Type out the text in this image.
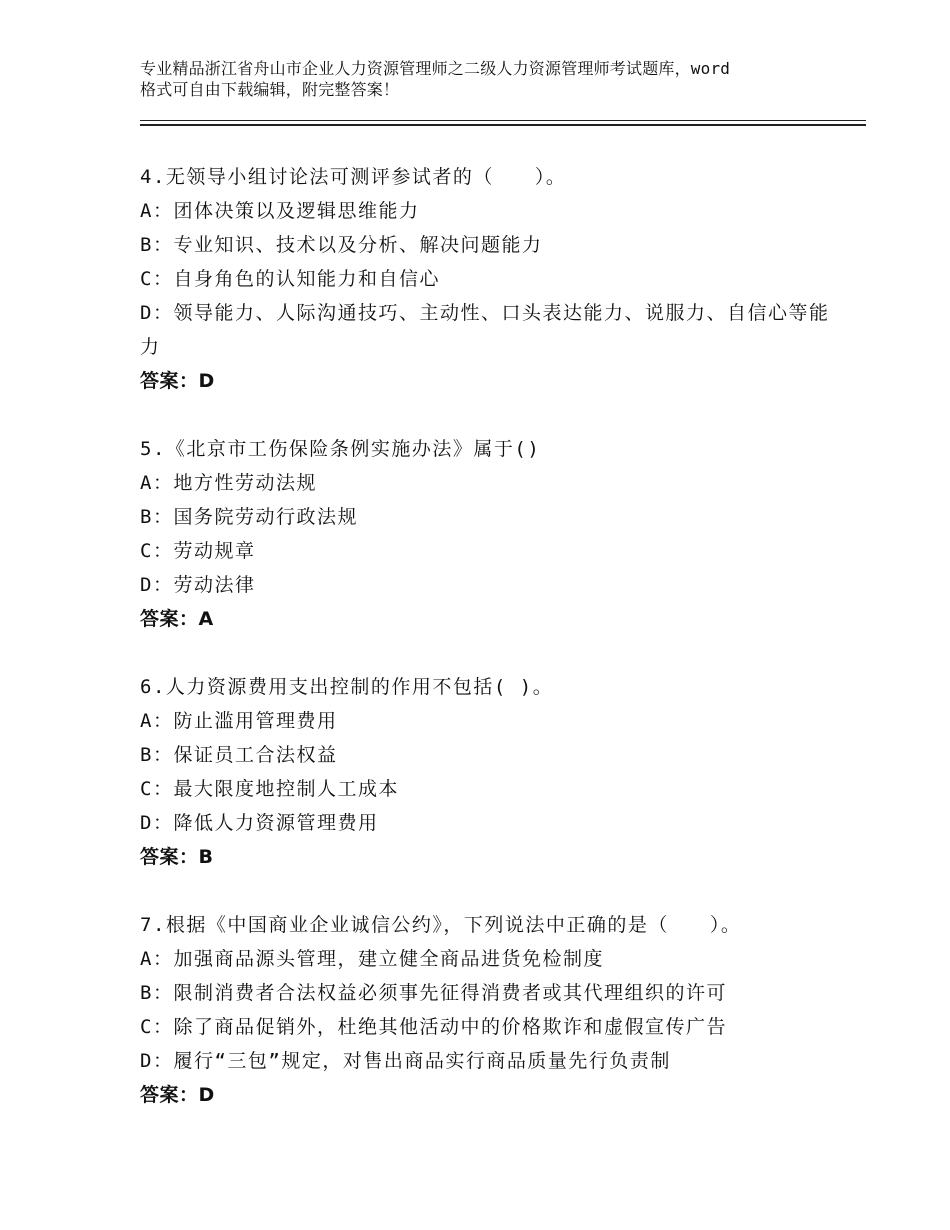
专业精品浙江省舟山市企业人力资源管理师之二级人力资源管理师考试题库，word
格式可自由下载编辑，附完整答案！
4.无领导小组讨论法可测评参试者的（　　）。
A：团体决策以及逻辑思维能力
B：专业知识、技术以及分析、解决问题能力
C：自身角色的认知能力和自信心
D：领导能力、人际沟通技巧、主动性、口头表达能力、说服力、自信心等能力
答案：D
5.《北京市工伤保险条例实施办法》属于()
A：地方性劳动法规
B：国务院劳动行政法规
C：劳动规章
D：劳动法律
答案：A
6.人力资源费用支出控制的作用不包括( )。
A：防止滥用管理费用
B：保证员工合法权益
C：最大限度地控制人工成本
D：降低人力资源管理费用
答案：B
7.根据《中国商业企业诚信公约》，下列说法中正确的是（　　）。
A：加强商品源头管理，建立健全商品进货免检制度
B：限制消费者合法权益必须事先征得消费者或其代理组织的许可
C：除了商品促销外，杜绝其他活动中的价格欺诈和虚假宣传广告
D：履行“三包”规定，对售出商品实行商品质量先行负责制
答案：D
